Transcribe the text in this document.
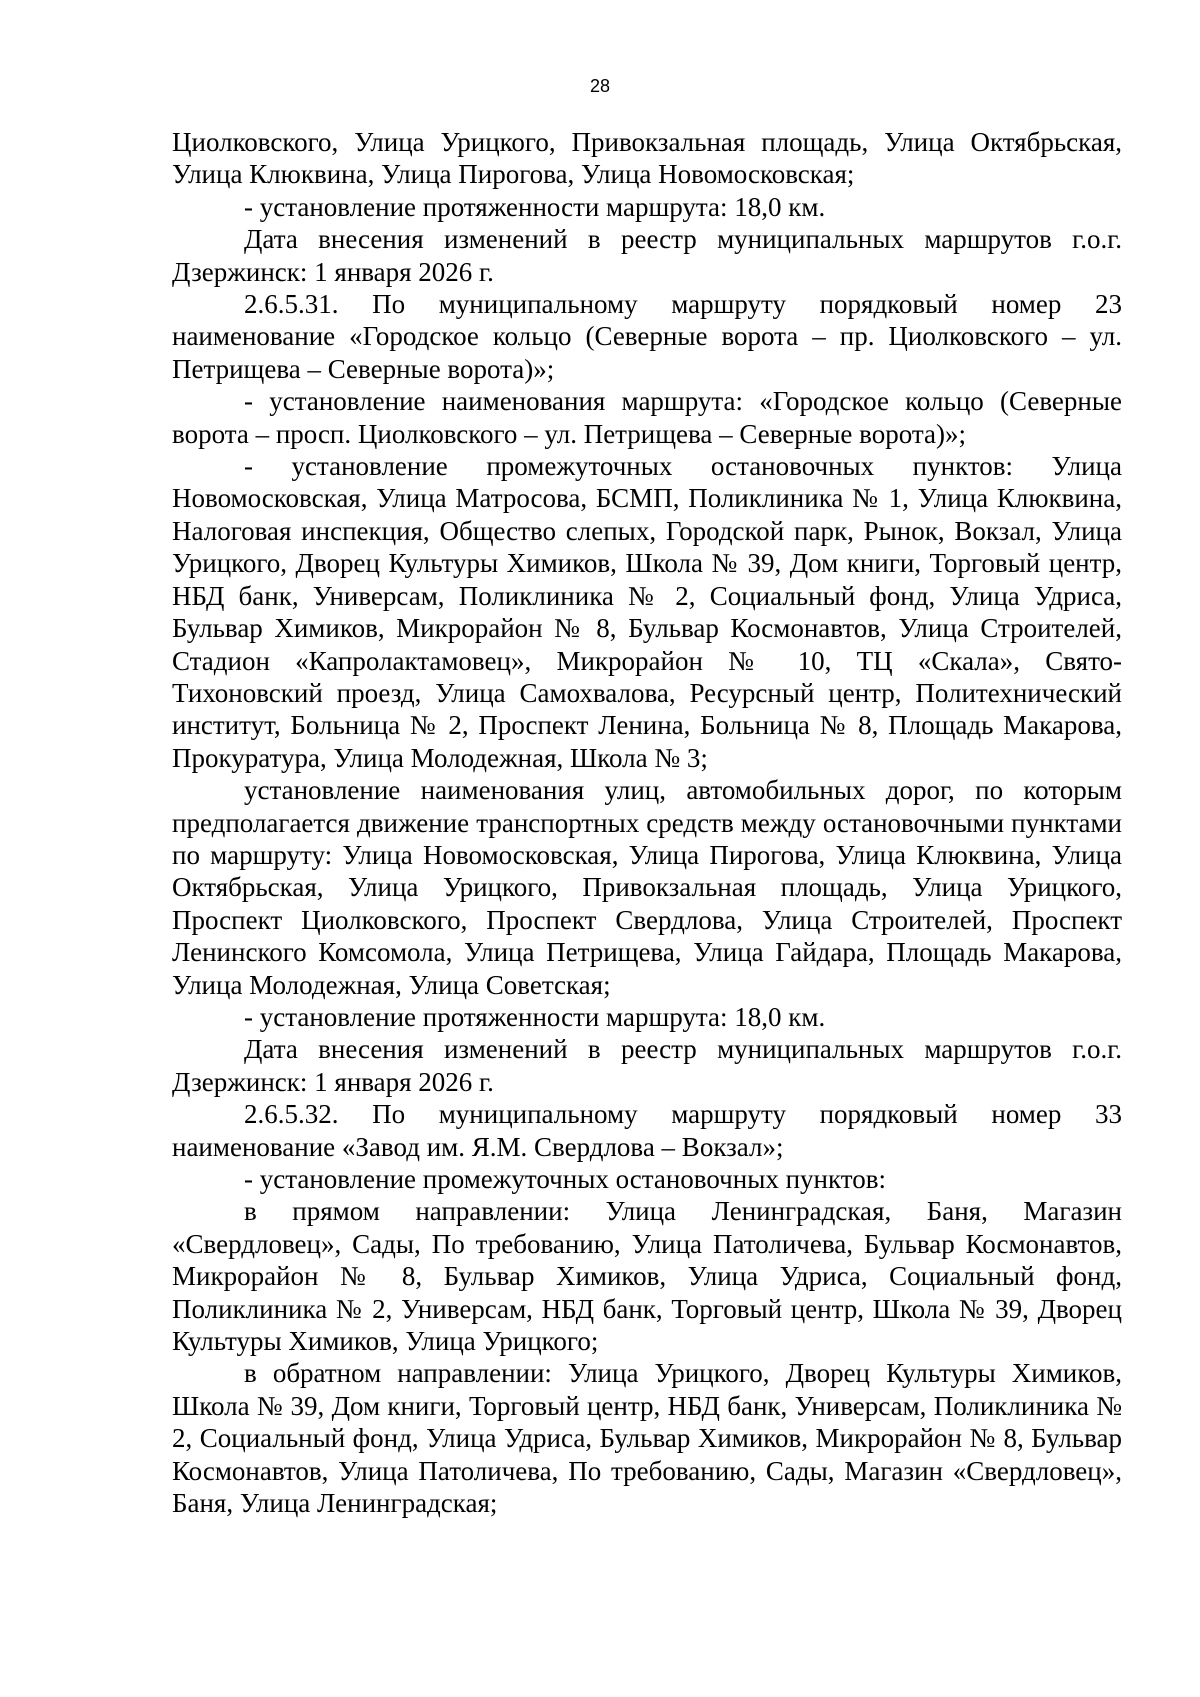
28

Циолковского, Улица Урицкого, Привокзальная площадь, Улица Октябрьская, Улица Клюквина, Улица Пирогова, Улица Новомосковская;

- установление протяженности маршрута: 18,0 км.

Дата внесения изменений в реестр муниципальных маршрутов г.о.г. Дзержинск: 1 января 2026 г.

2.6.5.31. По муниципальному маршруту порядковый номер 23 наименование «Городское кольцо (Северные ворота – пр. Циолковского – ул. Петрищева – Северные ворота)»;

- установление наименования маршрута: «Городское кольцо (Северные ворота – просп. Циолковского – ул. Петрищева – Северные ворота)»;

- установление промежуточных остановочных пунктов: Улица Новомосковская, Улица Матросова, БСМП, Поликлиника № 1, Улица Клюквина, Налоговая инспекция, Общество слепых, Городской парк, Рынок, Вокзал, Улица Урицкого, Дворец Культуры Химиков, Школа № 39, Дом книги, Торговый центр, НБД банк, Универсам, Поликлиника № 2, Социальный фонд, Улица Удриса, Бульвар Химиков, Микрорайон № 8, Бульвар Космонавтов, Улица Строителей, Стадион «Капролактамовец», Микрорайон № 10, ТЦ «Скала», Свято-Тихоновский проезд, Улица Самохвалова, Ресурсный центр, Политехнический институт, Больница № 2, Проспект Ленина, Больница № 8, Площадь Макарова, Прокуратура, Улица Молодежная, Школа № 3;

установление наименования улиц, автомобильных дорог, по которым предполагается движение транспортных средств между остановочными пунктами по маршруту: Улица Новомосковская, Улица Пирогова, Улица Клюквина, Улица Октябрьская, Улица Урицкого, Привокзальная площадь, Улица Урицкого, Проспект Циолковского, Проспект Свердлова, Улица Строителей, Проспект Ленинского Комсомола, Улица Петрищева, Улица Гайдара, Площадь Макарова, Улица Молодежная, Улица Советская;

- установление протяженности маршрута: 18,0 км.

Дата внесения изменений в реестр муниципальных маршрутов г.о.г. Дзержинск: 1 января 2026 г.

2.6.5.32. По муниципальному маршруту порядковый номер 33 наименование «Завод им. Я.М. Свердлова – Вокзал»;

- установление промежуточных остановочных пунктов:

в прямом направлении: Улица Ленинградская, Баня, Магазин «Свердловец», Сады, По требованию, Улица Патоличева, Бульвар Космонавтов, Микрорайон № 8, Бульвар Химиков, Улица Удриса, Социальный фонд, Поликлиника № 2, Универсам, НБД банк, Торговый центр, Школа № 39, Дворец Культуры Химиков, Улица Урицкого;

в обратном направлении: Улица Урицкого, Дворец Культуры Химиков, Школа № 39, Дом книги, Торговый центр, НБД банк, Универсам, Поликлиника № 2, Социальный фонд, Улица Удриса, Бульвар Химиков, Микрорайон № 8, Бульвар Космонавтов, Улица Патоличева, По требованию, Сады, Магазин «Свердловец», Баня, Улица Ленинградская;
